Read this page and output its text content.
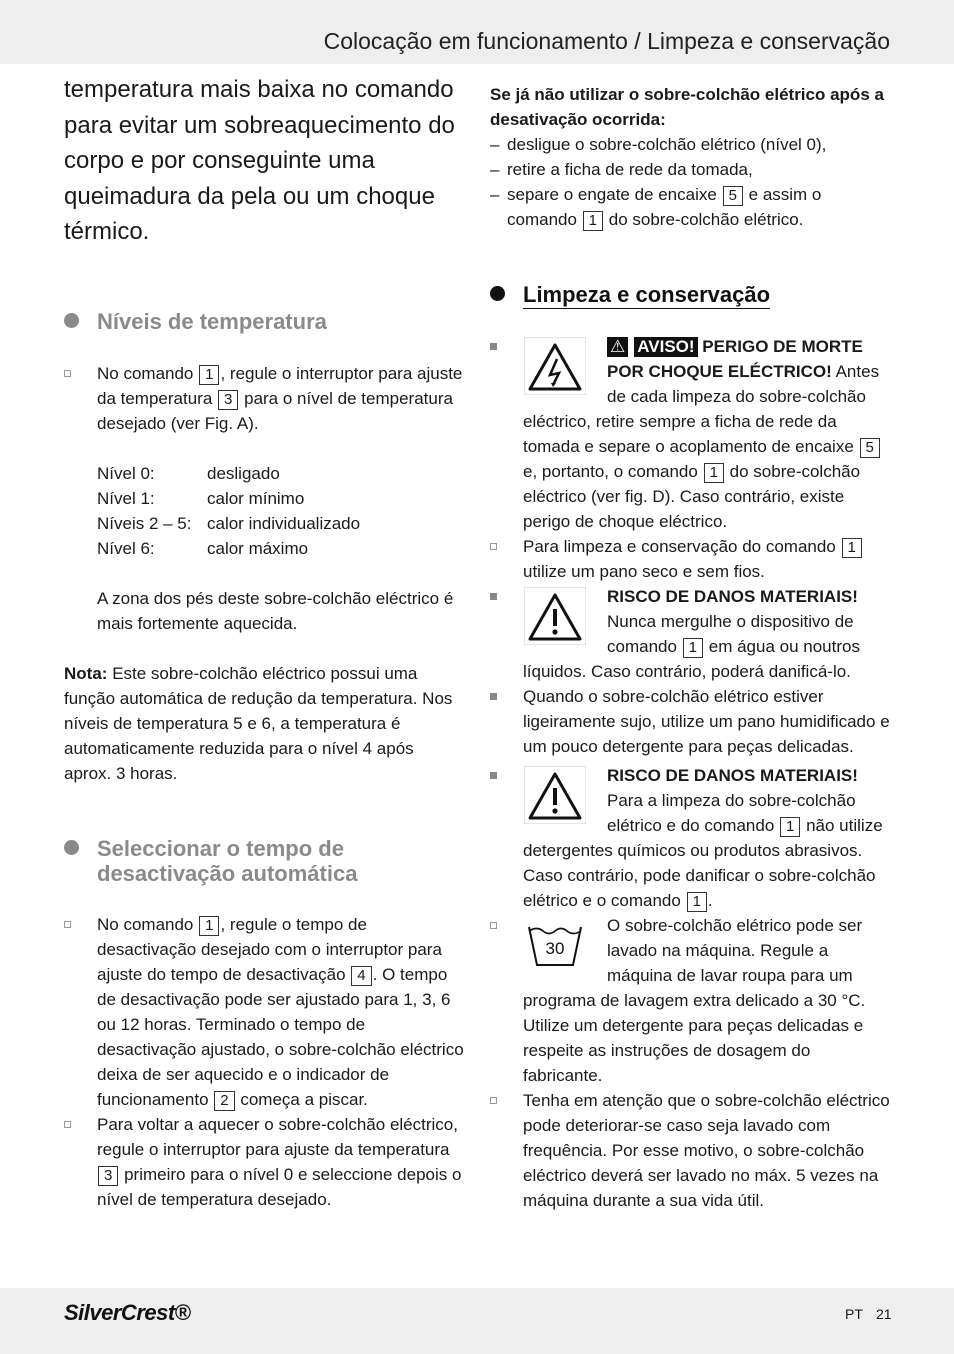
Colocação em funcionamento / Limpeza e conservação

temperatura mais baixa no comando para evitar um sobreaquecimento do corpo e por conseguinte uma queimadura da pela ou um choque térmico.

Níveis de temperatura
No comando 1 , regule o interruptor para ajuste da temperatura 3 para o nível de temperatura desejado (ver Fig. A).
Nível 0:	desligado
Nível 1:	calor mínimo
Níveis 2 – 5: calor individualizado
Nível 6:	calor máximo

A zona dos pés deste sobre-colchão eléctrico é mais fortemente aquecida.

Nota: Este sobre-colchão eléctrico possui uma função automática de redução da temperatura. Nos níveis de temperatura 5 e 6, a temperatura é automaticamente reduzida para o nível 4 após aprox. 3 horas.

Seleccionar o tempo de desactivação automática
No comando 1 , regule o tempo de desactivação desejado com o interruptor para ajuste do tempo de desactivação 4 . O tempo de desactivação pode ser ajustado para 1, 3, 6 ou 12 horas. Terminado o tempo de desactivação ajustado, o sobre-colchão eléctrico deixa de ser aquecido e o indicador de funcionamento 2 começa a piscar.
Para voltar a aquecer o sobre-colchão eléctrico, regule o interruptor para ajuste da temperatura 3 primeiro para o nível 0 e seleccione depois o nível de temperatura desejado.

Se já não utilizar o sobre-colchão elétrico após a desativação ocorrida:

– desligue o sobre-colchão elétrico (nível 0),
– retire a ficha de rede da tomada,
– separe o engate de encaixe 5 e assim o comando 1 do sobre-colchão elétrico.
Limpeza e conservação
⚠ AVISO! PERIGO DE MORTE POR CHOQUE ELÉCTRICO! Antes de cada limpeza do sobre-colchão eléctrico, retire sempre a ficha de rede da tomada e separe o acoplamento de encaixe 5 e, portanto, o comando 1 do sobre-colchão eléctrico (ver fig. D). Caso contrário, existe perigo de choque eléctrico.
Para limpeza e conservação do comando 1 utilize um pano seco e sem fios.
RISCO DE DANOS MATERIAIS! Nunca mergulhe o dispositivo de comando 1 em água ou noutros líquidos. Caso contrário, poderá danificá-lo.
Quando o sobre-colchão elétrico estiver ligeiramente sujo, utilize um pano humidificado e um pouco detergente para peças delicadas.
RISCO DE DANOS MATERIAIS! Para a limpeza do sobre-colchão elétrico e do comando 1 não utilize detergentes químicos ou produtos abrasivos. Caso contrário, pode danificar o sobre-colchão elétrico e o comando 1 .
30
O sobre-colchão elétrico pode ser lavado na máquina. Regule a máquina de lavar roupa para um programa de lavagem extra delicado a 30 °C. Utilize um detergente para peças delicadas e respeite as instruções de dosagem do fabricante.
Tenha em atenção que o sobre-colchão eléctrico pode deteriorar-se caso seja lavado com frequência. Por esse motivo, o sobre-colchão eléctrico deverá ser lavado no máx. 5 vezes na máquina durante a sua vida útil.
SilverCrest®	PT 21
